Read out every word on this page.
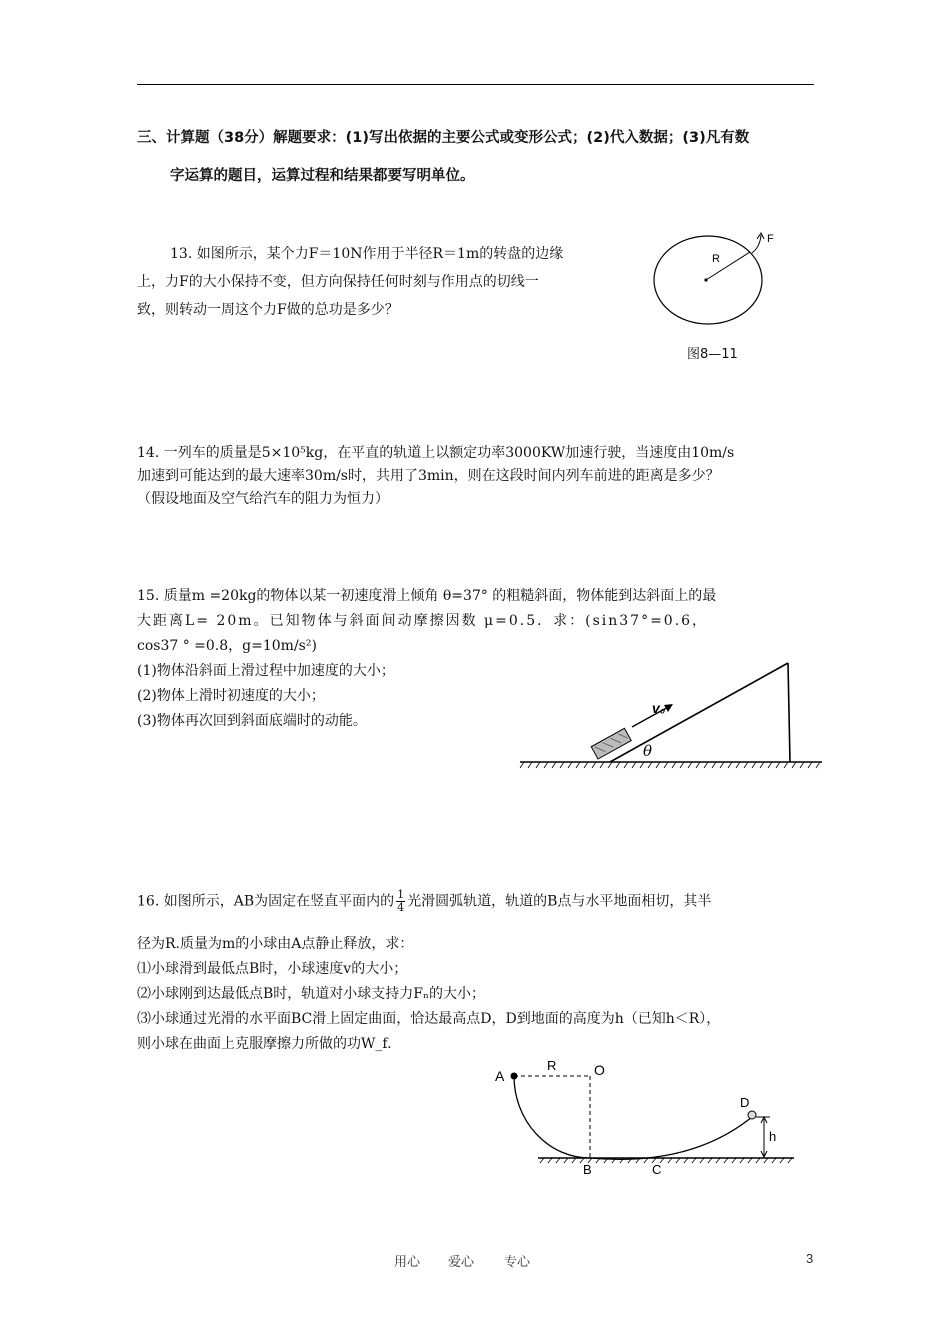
三、计算题（38分）解题要求：(1)写出依据的主要公式或变形公式；(2)代入数据；(3)凡有数
字运算的题目，运算过程和结果都要写明单位。
13. 如图所示，某个力F＝10N作用于半径R＝1m的转盘的边缘
上，力F的大小保持不变，但方向保持任何时刻与作用点的切线一
致，则转动一周这个力F做的总功是多少？
R
F
图8—11
14. 一列车的质量是5×10⁵kg，在平直的轨道上以额定功率3000KW加速行驶，当速度由10m/s
加速到可能达到的最大速率30m/s时，共用了3min，则在这段时间内列车前进的距离是多少？
（假设地面及空气给汽车的阻力为恒力）
15. 质量m =20kg的物体以某一初速度滑上倾角 θ=37° 的粗糙斜面，物体能到达斜面上的最
大距离L= 20m。已知物体与斜面间动摩擦因数 μ=0.5．求：(sin37°=0.6，
cos37 ° =0.8，g=10m/s²)
(1)物体沿斜面上滑过程中加速度的大小；
(2)物体上滑时初速度的大小；
(3)物体再次回到斜面底端时的动能。
v₀
θ
16. 如图所示，AB为固定在竖直平面内的 $\frac{1}{4}$ 光滑圆弧轨道，轨道的B点与水平地面相切，其半
径为R.质量为m的小球由A点静止释放，求：
⑴小球滑到最低点B时，小球速度v的大小；
⑵小球刚到达最低点B时，轨道对小球支持力Fₙ的大小；
⑶小球通过光滑的水平面BC滑上固定曲面，恰达最高点D，D到地面的高度为h（已知h＜R），
则小球在曲面上克服摩擦力所做的功W_f.
A
R	O
D
h
B	C
用心 爱心 专心	3
